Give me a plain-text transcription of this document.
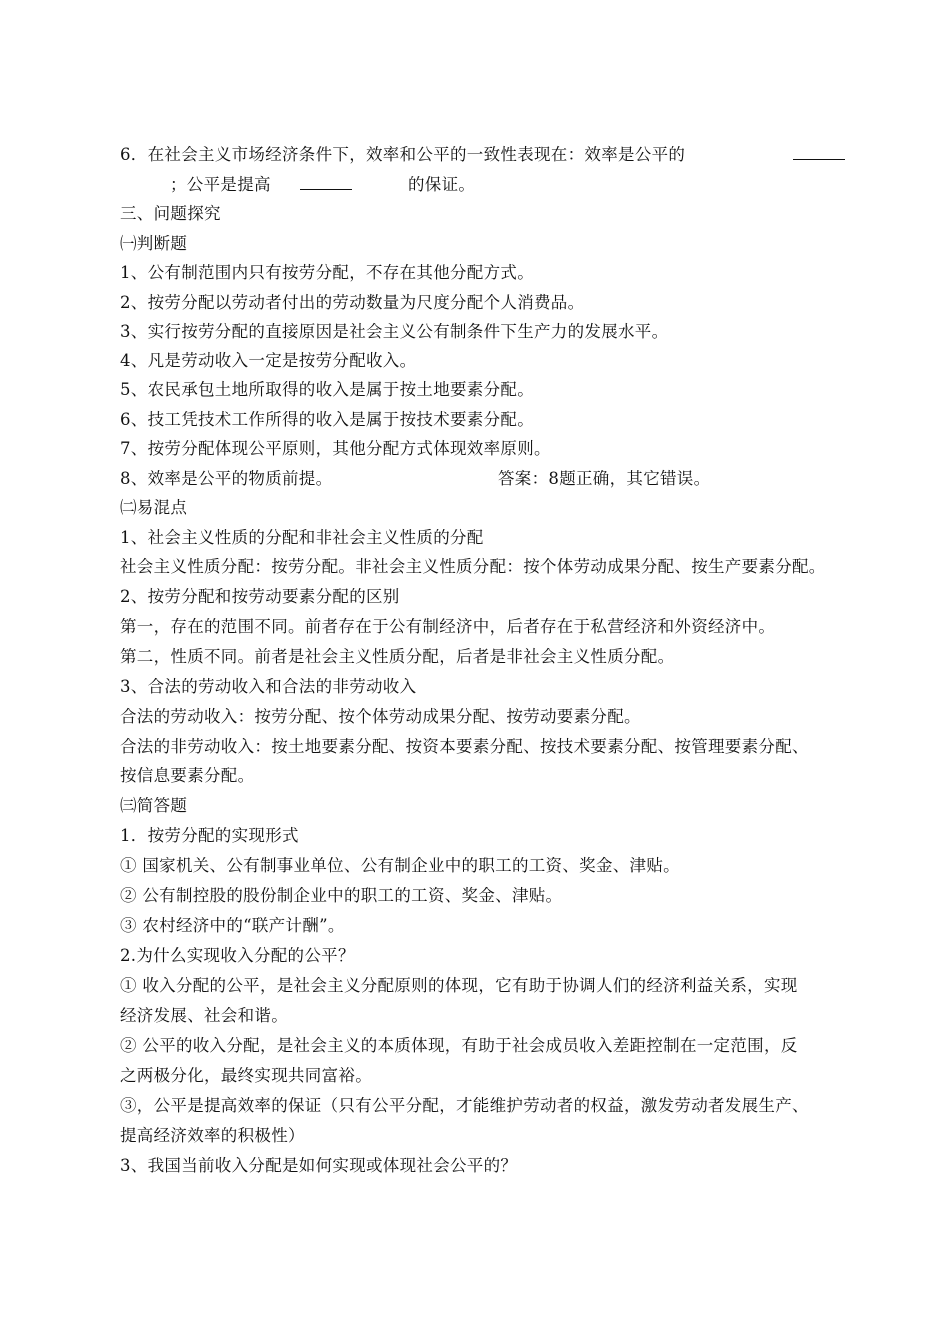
6．在社会主义市场经济条件下，效率和公平的一致性表现在：效率是公平的
；公平是提高	的保证。
三、问题探究
㈠判断题
1、公有制范围内只有按劳分配，不存在其他分配方式。
2、按劳分配以劳动者付出的劳动数量为尺度分配个人消费品。
3、实行按劳分配的直接原因是社会主义公有制条件下生产力的发展水平。
4、凡是劳动收入一定是按劳分配收入。
5、农民承包土地所取得的收入是属于按土地要素分配。
6、技工凭技术工作所得的收入是属于按技术要素分配。
7、按劳分配体现公平原则，其他分配方式体现效率原则。
8、效率是公平的物质前提。	答案：8题正确，其它错误。
㈡易混点
1、社会主义性质的分配和非社会主义性质的分配
社会主义性质分配：按劳分配。非社会主义性质分配：按个体劳动成果分配、按生产要素分配。
2、按劳分配和按劳动要素分配的区别
第一，存在的范围不同。前者存在于公有制经济中，后者存在于私营经济和外资经济中。
第二，性质不同。前者是社会主义性质分配，后者是非社会主义性质分配。
3、合法的劳动收入和合法的非劳动收入
合法的劳动收入：按劳分配、按个体劳动成果分配、按劳动要素分配。
合法的非劳动收入：按土地要素分配、按资本要素分配、按技术要素分配、按管理要素分配、
按信息要素分配。
㈢简答题
1．按劳分配的实现形式
① 国家机关、公有制事业单位、公有制企业中的职工的工资、奖金、津贴。
② 公有制控股的股份制企业中的职工的工资、奖金、津贴。
③ 农村经济中的“联产计酬”。
2.为什么实现收入分配的公平？
① 收入分配的公平，是社会主义分配原则的体现，它有助于协调人们的经济利益关系，实现
经济发展、社会和谐。
② 公平的收入分配，是社会主义的本质体现，有助于社会成员收入差距控制在一定范围，反
之两极分化，最终实现共同富裕。
③，公平是提高效率的保证（只有公平分配，才能维护劳动者的权益，激发劳动者发展生产、
提高经济效率的积极性）
3、我国当前收入分配是如何实现或体现社会公平的？
